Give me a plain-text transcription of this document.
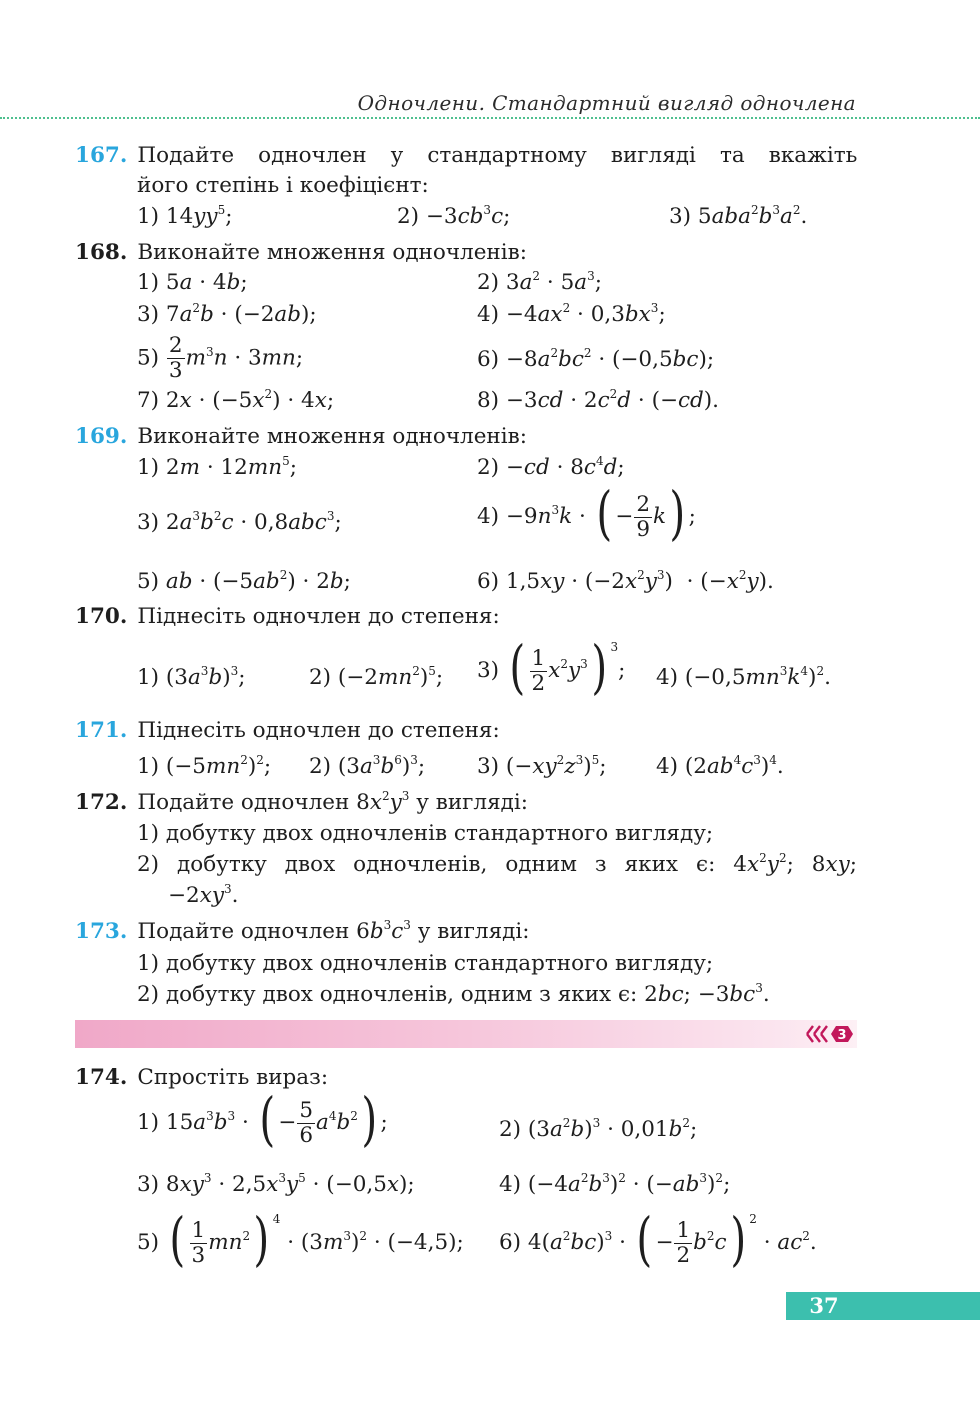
Одночлени. Стандартний вигляд одночлена
167. Подайте одночлен у стандартному вигляді та вкажіть
його степінь і коефіцієнт:
1) $14yy^5$;	$2) -3cb^3c$;	3) $5aba^2b^3a^2$.
168. Виконайте множення одночленів:
1) 5a · 4b;	2) $3a^2 \cdot 5a^3$;
3) $7a^2b \cdot (-2ab)$;	$4) -4ax^2 \cdot 0,3bx^3$;
$5) \frac{2}{3} m^3n \cdot 3mn$;	$6) -8a^2bc^2 \cdot (-0,5bc)$;
7) $2x \cdot (-5x^2) \cdot 4x$;	$8) -3cd \cdot 2c^2d \cdot (-cd)$.
169. Виконайте множення одночленів:
1) $2m \cdot 12mn^5$;	$2) -cd \cdot 8c^4d$;
3) $2a^3b^2c \cdot 0,8abc^3$;	$4) -9n^3k$ · ( − $\frac{2}{9} k$) ;
5) ab · $(-5ab^2) \cdot 2b$;	6) $1,5xy \cdot (-2x^2y^3) \cdot (-x^2y)$.
170. Піднесіть одночлен до степеня:
1) $(3a^3b)^3$;	2) $(-2mn^2)^5$; 3) ( $\frac{1}{2} x^2y^3$) $^3$; 4) $(-0,5mn^3k^4)^2$.
171. Піднесіть одночлен до степеня:
1) $(-5mn^2)^2$; 2) $(3a^3b^6)^3$; 3) $(-xy^2z^3)^5$; 4) $(2ab^4c^3)^4$.
172. Подайте одночлен $8x^2y^3$ у вигляді:
1) добутку двох одночленів стандартного вигляду;
2) добутку двох одночленів, одним з яких є: $4x^2y^2$; 8xy;
$-2xy^3$.
173. Подайте одночлен $6b^3c^3$ у вигляді:
1) добутку двох одночленів стандартного вигляду;
2) добутку двох одночленів, одним з яких є: 2bc; $-3bc^3$.
3
174. Спростіть вираз:
1) $15a^3b^3$ · ( − $\frac{5}{6} a^4b^2$) ;	2) $(3a^2b)^3 \cdot 0,01b^2$;
3) $8xy^3 \cdot 2,5x^3y^5 \cdot (-0,5x)$;	4) $(-4a^2b^3)^2 \cdot (-ab^3)^2$;
5) ( $\frac{1}{3} mn^2$) $^4 \cdot (3m^3)^2 \cdot (-4,5)$; 6) $4(a^2bc)^3$ · ( − $\frac{1}{2} b^2c$) $^2 \cdot ac^2$.
37
